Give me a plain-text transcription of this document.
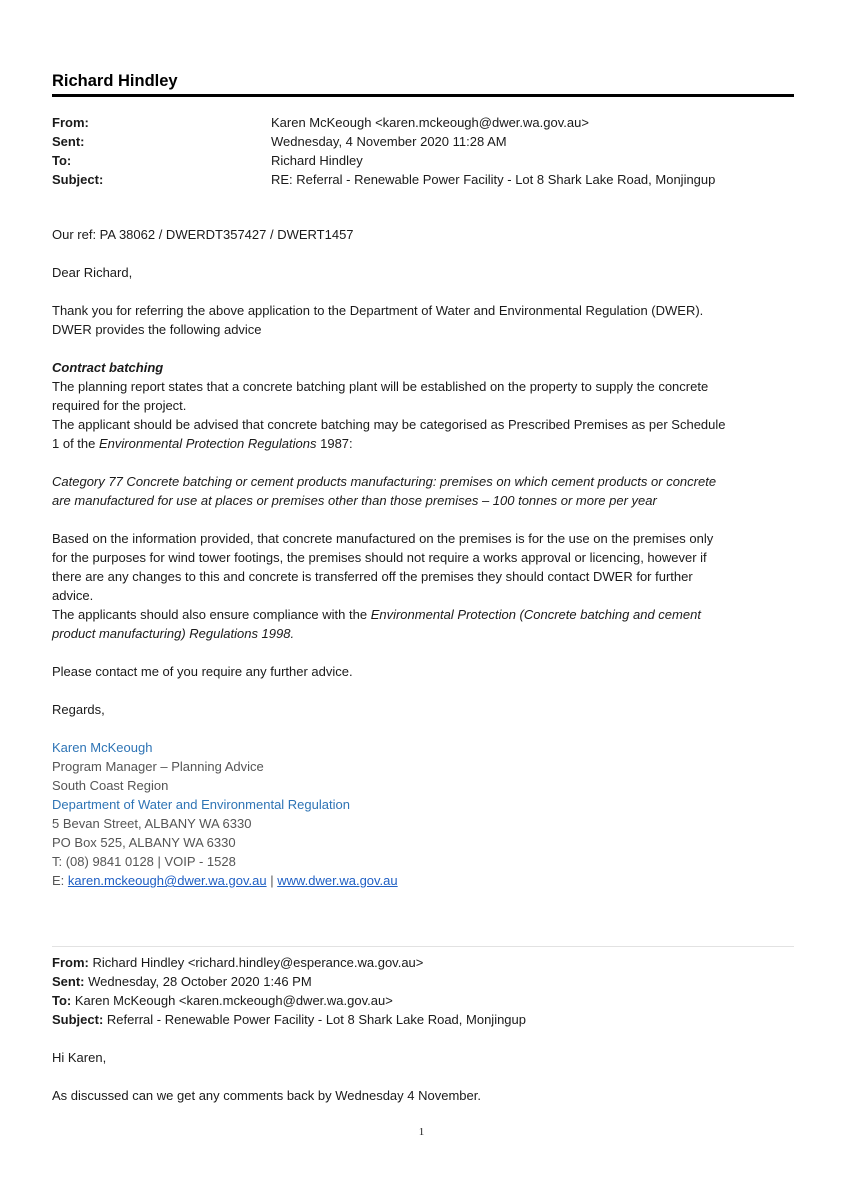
Richard Hindley
From:	Karen McKeough <karen.mckeough@dwer.wa.gov.au>
Sent:	Wednesday, 4 November 2020 11:28 AM
To:	Richard Hindley
Subject:	RE: Referral - Renewable Power Facility - Lot 8 Shark Lake Road, Monjingup
Our ref: PA 38062 / DWERDT357427 / DWERT1457
Dear Richard,

Thank you for referring the above application to the Department of Water and Environmental Regulation (DWER).

DWER provides the following advice

Contract batching

The planning report states that a concrete batching plant will be established on the property to supply the concrete

required for the project.

The applicant should be advised that concrete batching may be categorised as Prescribed Premises as per Schedule

1 of the Environmental Protection Regulations 1987:

Category 77 Concrete batching or cement products manufacturing: premises on which cement products or concrete

are manufactured for use at places or premises other than those premises – 100 tonnes or more per year

Based on the information provided, that concrete manufactured on the premises is for the use on the premises only

for the purposes for wind tower footings, the premises should not require a works approval or licencing, however if

there are any changes to this and concrete is transferred off the premises they should contact DWER for further

advice.

The applicants should also ensure compliance with the Environmental Protection (Concrete batching and cement

product manufacturing) Regulations 1998.

Please contact me of you require any further advice.
Regards,
Karen McKeough
Program Manager – Planning Advice
South Coast Region
Department of Water and Environmental Regulation
5 Bevan Street, ALBANY WA 6330
PO Box 525, ALBANY WA 6330
T: (08) 9841 0128 | VOIP - 1528
E: karen.mckeough@dwer.wa.gov.au | www.dwer.wa.gov.au
From: Richard Hindley <richard.hindley@esperance.wa.gov.au>
Sent: Wednesday, 28 October 2020 1:46 PM
To: Karen McKeough <karen.mckeough@dwer.wa.gov.au>
Subject: Referral - Renewable Power Facility - Lot 8 Shark Lake Road, Monjingup
Hi Karen,
As discussed can we get any comments back by Wednesday 4 November.
1
